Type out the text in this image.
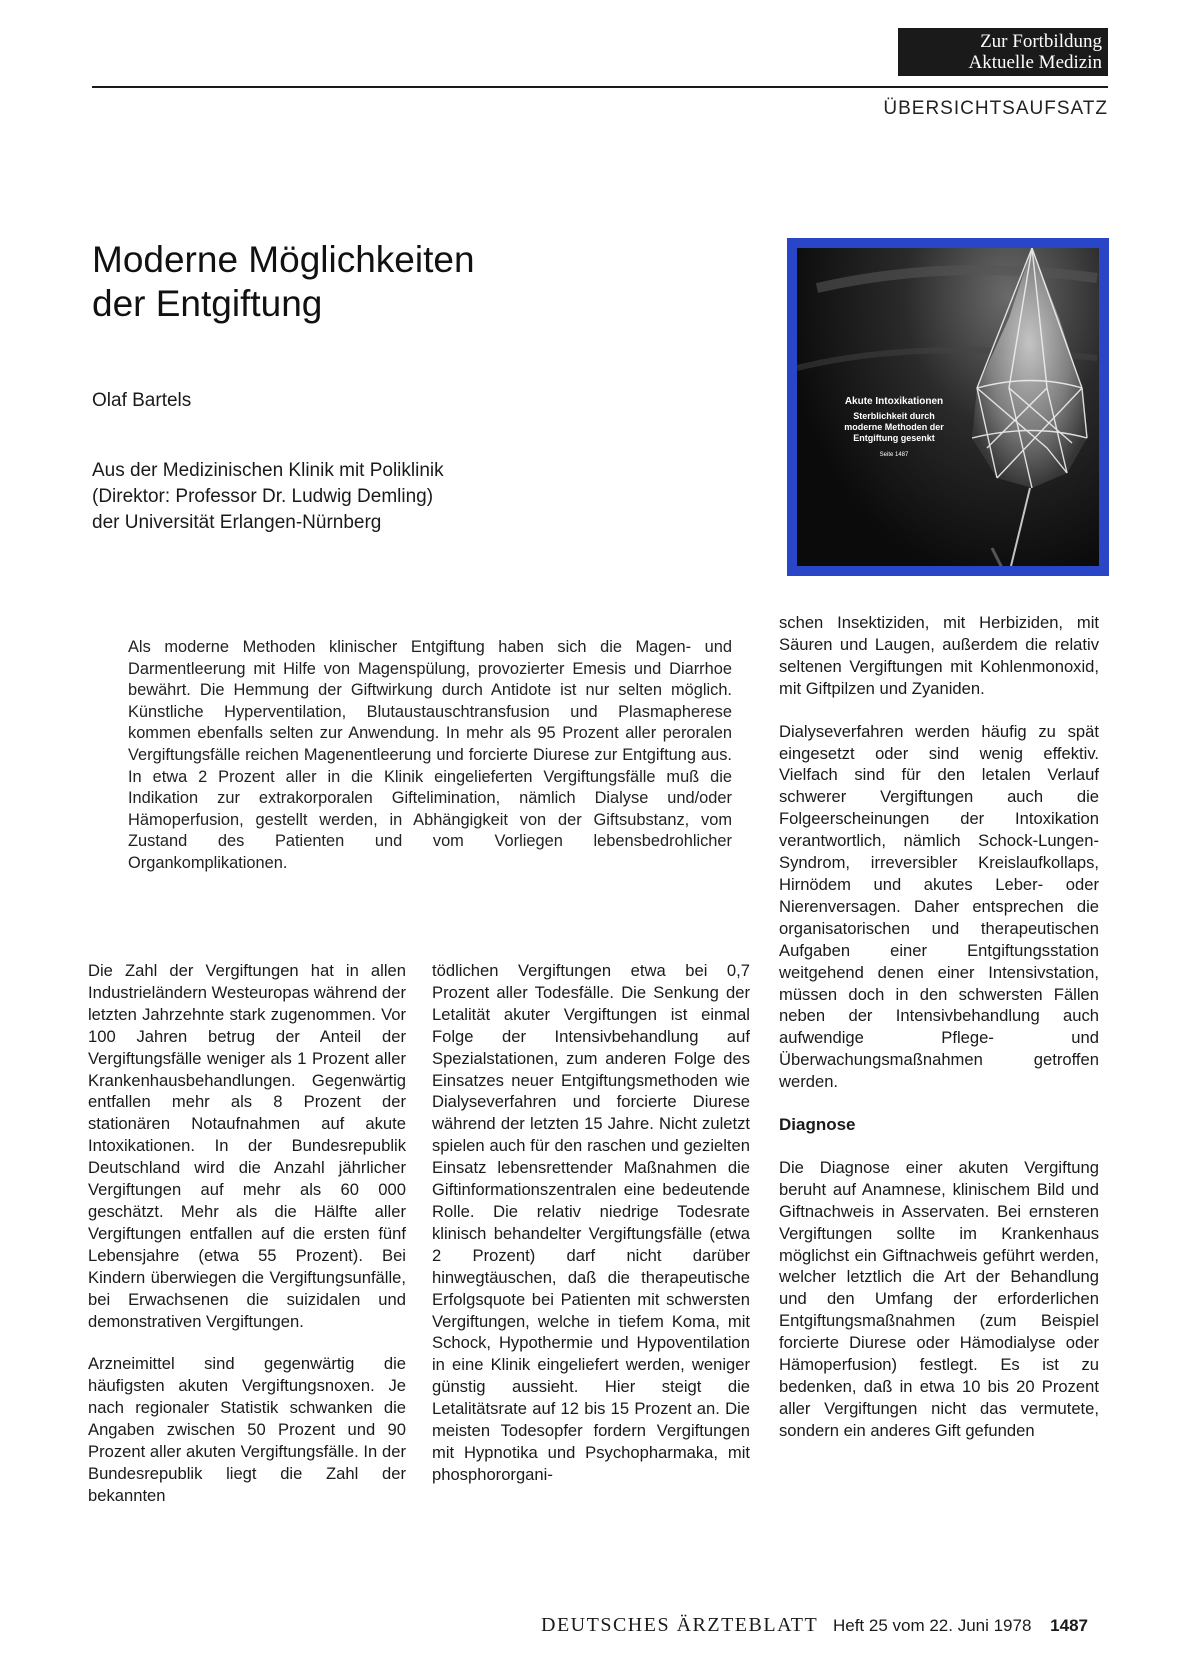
Zur Fortbildung
Aktuelle Medizin
ÜBERSICHTSAUFSATZ
Moderne Möglichkeiten
der Entgiftung
Olaf Bartels
Aus der Medizinischen Klinik mit Poliklinik
(Direktor: Professor Dr. Ludwig Demling)
der Universität Erlangen-Nürnberg
Akute Intoxikationen
Sterblichkeit durch moderne Methoden der Entgiftung gesenkt
Seite 1487
Als moderne Methoden klinischer Entgiftung haben sich die Magen- und Darmentleerung mit Hilfe von Magenspülung, provozierter Emesis und Diarrhoe bewährt. Die Hemmung der Giftwirkung durch Antidote ist nur selten möglich. Künstliche Hyperventilation, Blutaustauschtransfusion und Plasmapherese kommen ebenfalls selten zur Anwendung. In mehr als 95 Prozent aller peroralen Vergiftungsfälle reichen Magenentleerung und forcierte Diurese zur Entgiftung aus. In etwa 2 Prozent aller in die Klinik eingelieferten Vergiftungsfälle muß die Indikation zur extrakorporalen Giftelimination, nämlich Dialyse und/oder Hämoperfusion, gestellt werden, in Abhängigkeit von der Giftsubstanz, vom Zustand des Patienten und vom Vorliegen lebensbedrohlicher Organkomplikationen.

Die Zahl der Vergiftungen hat in allen Industrieländern Westeuropas während der letzten Jahrzehnte stark zugenommen. Vor 100 Jahren betrug der Anteil der Vergiftungsfälle weniger als 1 Prozent aller Krankenhausbehandlungen. Gegenwärtig entfallen mehr als 8 Prozent der stationären Notaufnahmen auf akute Intoxikationen. In der Bundesrepublik Deutschland wird die Anzahl jährlicher Vergiftungen auf mehr als 60 000 geschätzt. Mehr als die Hälfte aller Vergiftungen entfallen auf die ersten fünf Lebensjahre (etwa 55 Prozent). Bei Kindern überwiegen die Vergiftungsunfälle, bei Erwachsenen die suizidalen und demonstrativen Vergiftungen.

Arzneimittel sind gegenwärtig die häufigsten akuten Vergiftungsnoxen. Je nach regionaler Statistik schwanken die Angaben zwischen 50 Prozent und 90 Prozent aller akuten Vergiftungsfälle. In der Bundesrepublik liegt die Zahl der bekannten

tödlichen Vergiftungen etwa bei 0,7 Prozent aller Todesfälle. Die Senkung der Letalität akuter Vergiftungen ist einmal Folge der Intensivbehandlung auf Spezialstationen, zum anderen Folge des Einsatzes neuer Entgiftungsmethoden wie Dialyseverfahren und forcierte Diurese während der letzten 15 Jahre. Nicht zuletzt spielen auch für den raschen und gezielten Einsatz lebensrettender Maßnahmen die Giftinformationszentralen eine bedeutende Rolle. Die relativ niedrige Todesrate klinisch behandelter Vergiftungsfälle (etwa 2 Prozent) darf nicht darüber hinwegtäuschen, daß die therapeutische Erfolgsquote bei Patienten mit schwersten Vergiftungen, welche in tiefem Koma, mit Schock, Hypothermie und Hypoventilation in eine Klinik eingeliefert werden, weniger günstig aussieht. Hier steigt die Letalitätsrate auf 12 bis 15 Prozent an. Die meisten Todesopfer fordern Vergiftungen mit Hypnotika und Psychopharmaka, mit phosphororgani-

schen Insektiziden, mit Herbiziden, mit Säuren und Laugen, außerdem die relativ seltenen Vergiftungen mit Kohlenmonoxid, mit Giftpilzen und Zyaniden.

Dialyseverfahren werden häufig zu spät eingesetzt oder sind wenig effektiv. Vielfach sind für den letalen Verlauf schwerer Vergiftungen auch die Folgeerscheinungen der Intoxikation verantwortlich, nämlich Schock-Lungen-Syndrom, irreversibler Kreislaufkollaps, Hirnödem und akutes Leber- oder Nierenversagen. Daher entsprechen die organisatorischen und therapeutischen Aufgaben einer Entgiftungsstation weitgehend denen einer Intensivstation, müssen doch in den schwersten Fällen neben der Intensivbehandlung auch aufwendige Pflege- und Überwachungsmaßnahmen getroffen werden.

Diagnose

Die Diagnose einer akuten Vergiftung beruht auf Anamnese, klinischem Bild und Giftnachweis in Asservaten. Bei ernsteren Vergiftungen sollte im Krankenhaus möglichst ein Giftnachweis geführt werden, welcher letztlich die Art der Behandlung und den Umfang der erforderlichen Entgiftungsmaßnahmen (zum Beispiel forcierte Diurese oder Hämodialyse oder Hämoperfusion) festlegt. Es ist zu bedenken, daß in etwa 10 bis 20 Prozent aller Vergiftungen nicht das vermutete, sondern ein anderes Gift gefunden

DEUTSCHES ÄRZTEBLATT Heft 25 vom 22. Juni 1978 1487
